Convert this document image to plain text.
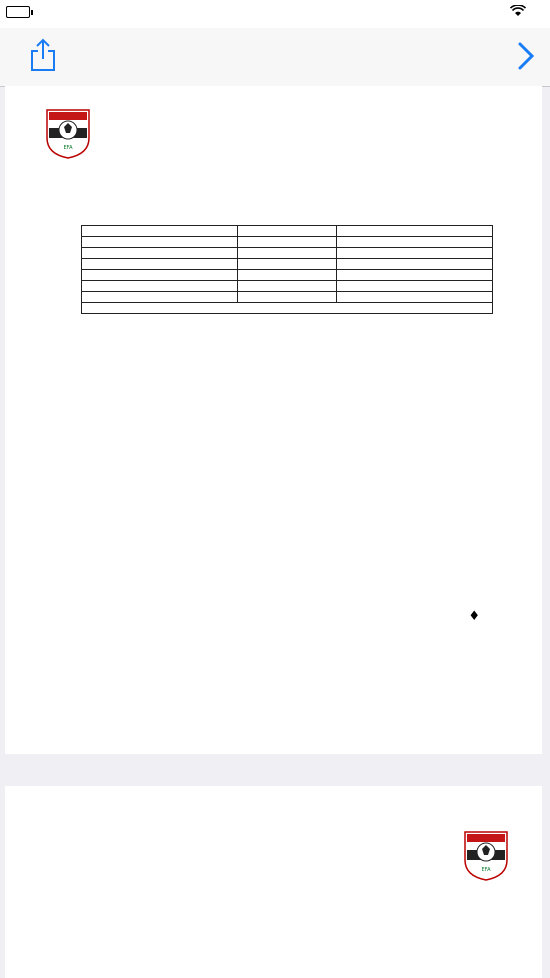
EFA

♦
EFA
